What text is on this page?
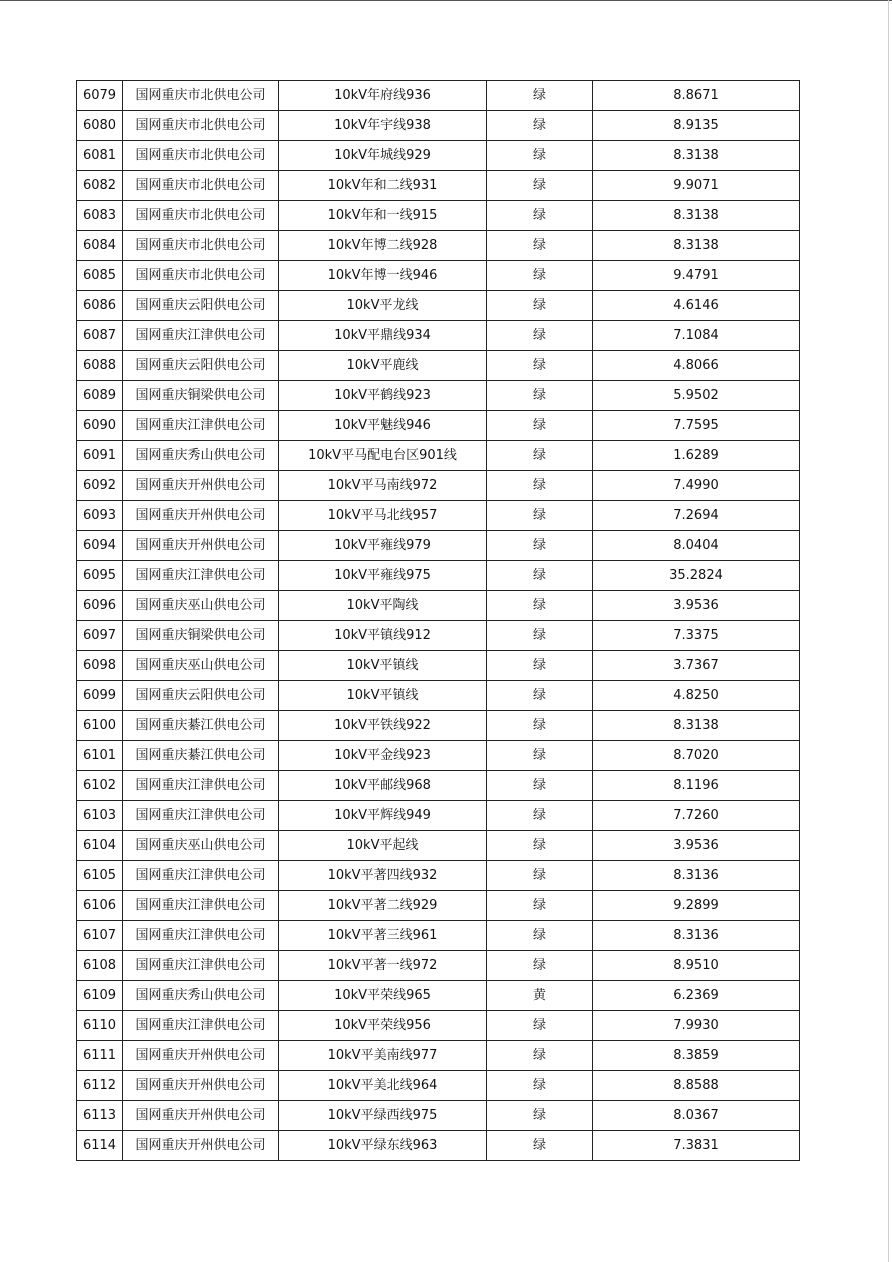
6079	国网重庆市北供电公司	10kV年府线936	绿	8.8671
6080	国网重庆市北供电公司	10kV年宇线938	绿	8.9135
6081	国网重庆市北供电公司	10kV年城线929	绿	8.3138
6082	国网重庆市北供电公司	10kV年和二线931	绿	9.9071
6083	国网重庆市北供电公司	10kV年和一线915	绿	8.3138
6084	国网重庆市北供电公司	10kV年博二线928	绿	8.3138
6085	国网重庆市北供电公司	10kV年博一线946	绿	9.4791
6086	国网重庆云阳供电公司	10kV平龙线	绿	4.6146
6087	国网重庆江津供电公司	10kV平鼎线934	绿	7.1084
6088	国网重庆云阳供电公司	10kV平鹿线	绿	4.8066
6089	国网重庆铜梁供电公司	10kV平鹤线923	绿	5.9502
6090	国网重庆江津供电公司	10kV平魅线946	绿	7.7595
6091	国网重庆秀山供电公司	10kV平马配电台区901线	绿	1.6289
6092	国网重庆开州供电公司	10kV平马南线972	绿	7.4990
6093	国网重庆开州供电公司	10kV平马北线957	绿	7.2694
6094	国网重庆开州供电公司	10kV平雍线979	绿	8.0404
6095	国网重庆江津供电公司	10kV平雍线975	绿	35.2824
6096	国网重庆巫山供电公司	10kV平陶线	绿	3.9536
6097	国网重庆铜梁供电公司	10kV平镇线912	绿	7.3375
6098	国网重庆巫山供电公司	10kV平镇线	绿	3.7367
6099	国网重庆云阳供电公司	10kV平镇线	绿	4.8250
6100	国网重庆綦江供电公司	10kV平铁线922	绿	8.3138
6101	国网重庆綦江供电公司	10kV平金线923	绿	8.7020
6102	国网重庆江津供电公司	10kV平邮线968	绿	8.1196
6103	国网重庆江津供电公司	10kV平辉线949	绿	7.7260
6104	国网重庆巫山供电公司	10kV平起线	绿	3.9536
6105	国网重庆江津供电公司	10kV平著四线932	绿	8.3136
6106	国网重庆江津供电公司	10kV平著二线929	绿	9.2899
6107	国网重庆江津供电公司	10kV平著三线961	绿	8.3136
6108	国网重庆江津供电公司	10kV平著一线972	绿	8.9510
6109	国网重庆秀山供电公司	10kV平荣线965	黄	6.2369
6110	国网重庆江津供电公司	10kV平荣线956	绿	7.9930
6111	国网重庆开州供电公司	10kV平美南线977	绿	8.3859
6112	国网重庆开州供电公司	10kV平美北线964	绿	8.8588
6113	国网重庆开州供电公司	10kV平绿西线975	绿	8.0367
6114	国网重庆开州供电公司	10kV平绿东线963	绿	7.3831
